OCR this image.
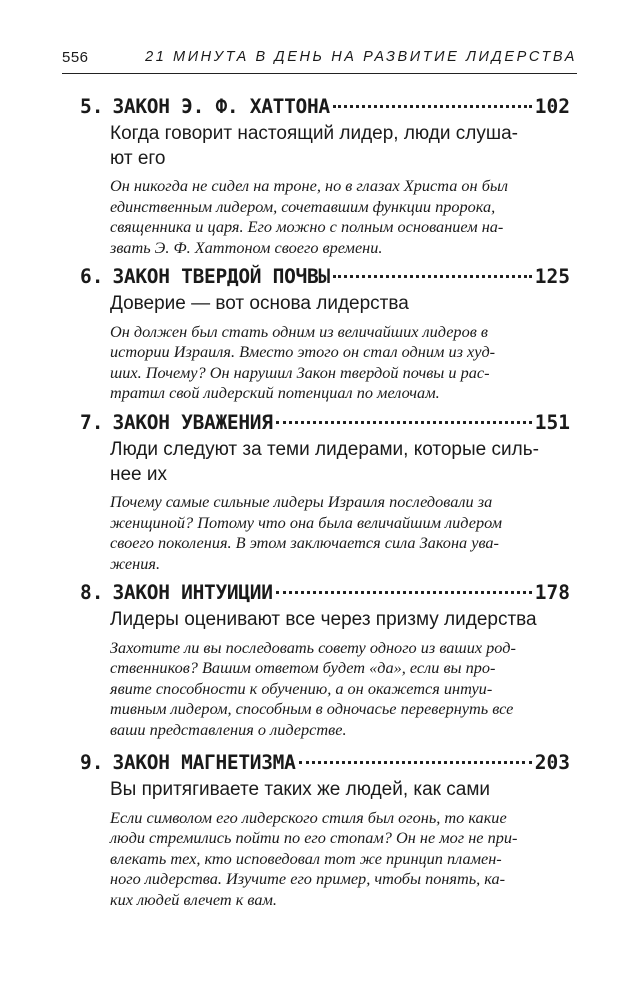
556	21 МИНУТА В ДЕНЬ НА РАЗВИТИЕ ЛИДЕРСТВА
5. ЗАКОН Э. Ф. ХАТТОНА	102
Когда говорит настоящий лидер, люди слуша-
ют его
Он никогда не сидел на троне, но в глазах Христа он был
единственным лидером, сочетавшим функции пророка,
священника и царя. Его можно с полным основанием на-
звать Э. Ф. Хаттоном своего времени.
6. ЗАКОН ТВЕРДОЙ ПОЧВЫ	125
Доверие — вот основа лидерства
Он должен был стать одним из величайших лидеров в
истории Израиля. Вместо этого он стал одним из худ-
ших. Почему? Он нарушил Закон твердой почвы и рас-
тратил свой лидерский потенциал по мелочам.
7. ЗАКОН УВАЖЕНИЯ	151
Люди следуют за теми лидерами, которые силь-
нее их
Почему самые сильные лидеры Израиля последовали за
женщиной? Потому что она была величайшим лидером
своего поколения. В этом заключается сила Закона ува-
жения.
8. ЗАКОН ИНТУИЦИИ	178
Лидеры оценивают все через призму лидерства
Захотите ли вы последовать совету одного из ваших род-
ственников? Вашим ответом будет «да», если вы про-
явите способности к обучению, а он окажется интуи-
тивным лидером, способным в одночасье перевернуть все
ваши представления о лидерстве.
9. ЗАКОН МАГНЕТИЗМА	203
Вы притягиваете таких же людей, как сами
Если символом его лидерского стиля был огонь, то какие
люди стремились пойти по его стопам? Он не мог не при-
влекать тех, кто исповедовал тот же принцип пламен-
ного лидерства. Изучите его пример, чтобы понять, ка-
ких людей влечет к вам.
